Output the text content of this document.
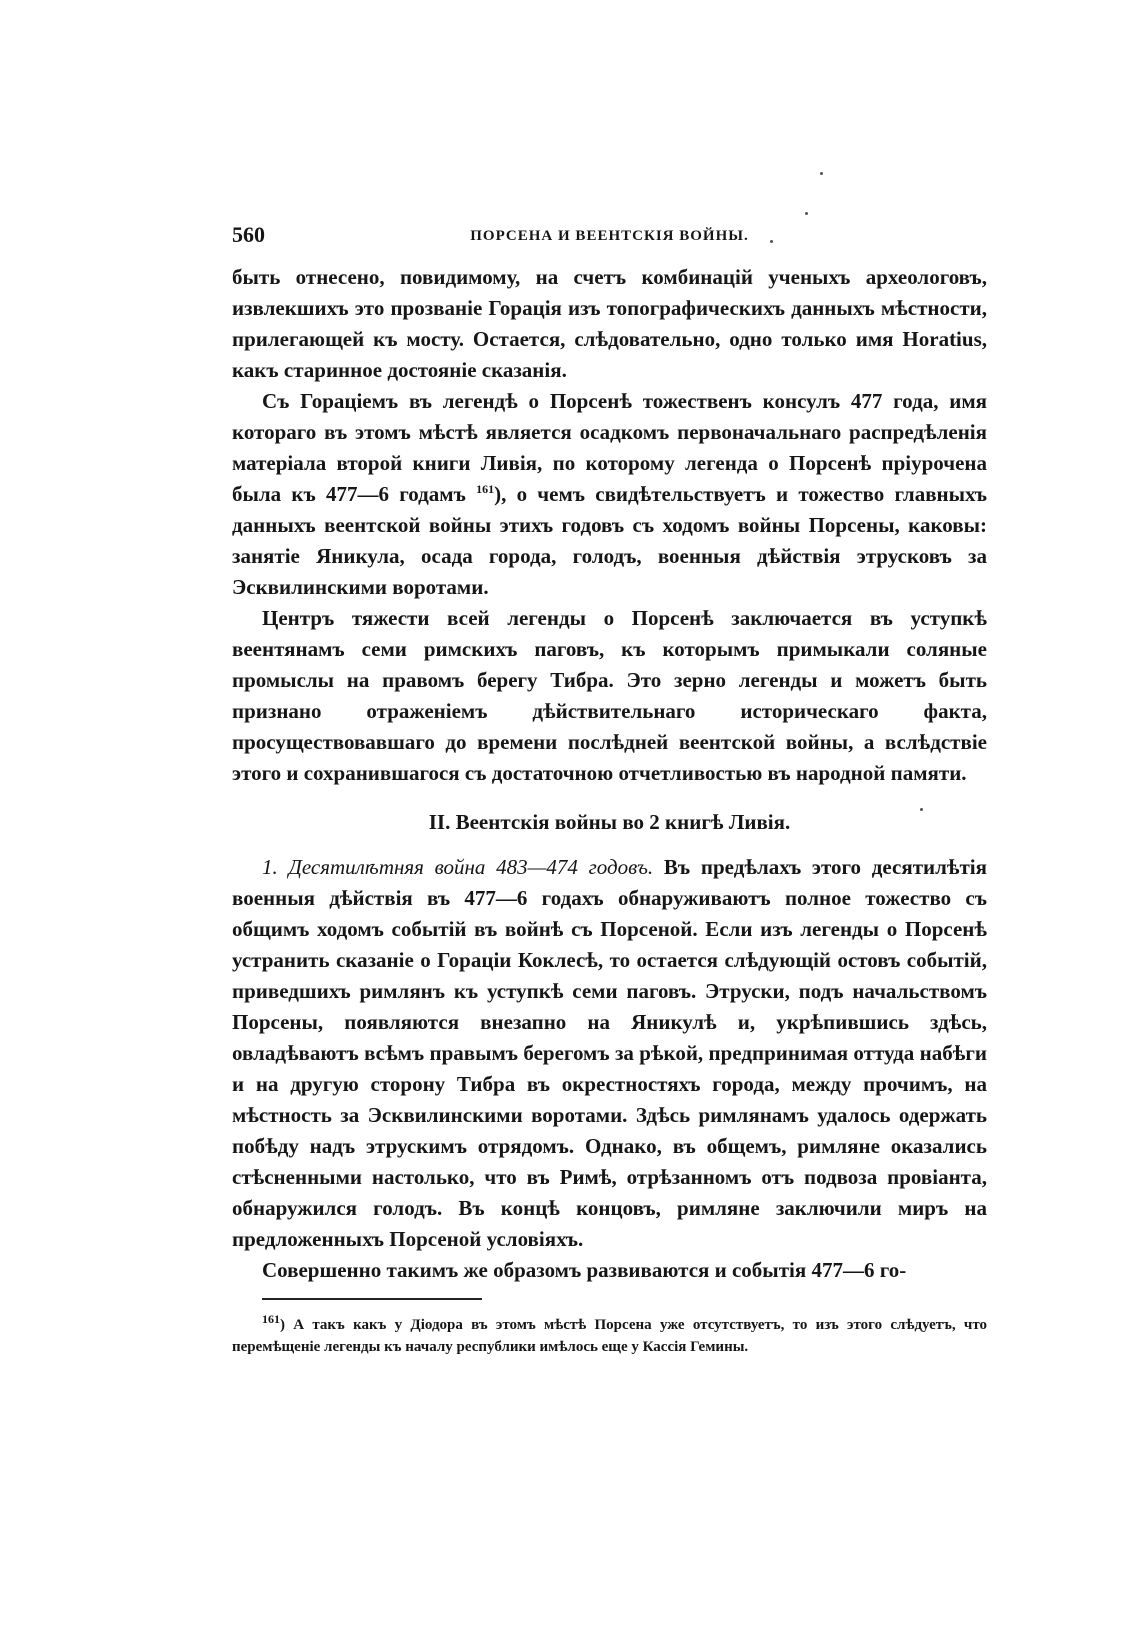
560	ПОРСЕНА И ВЕЕНТСКІЯ ВОЙНЫ.

быть отнесено, повидимому, на счетъ комбинацій ученыхъ археологовъ, извлекшихъ это прозваніе Горація изъ топографическихъ данныхъ мѣстности, прилегающей къ мосту. Остается, слѣдовательно, одно только имя Horatius, какъ старинное достояніе сказанія.

Съ Гораціемъ въ легендѣ о Порсенѣ тожественъ консулъ 477 года, имя котораго въ этомъ мѣстѣ является осадкомъ первоначальнаго распредѣленія матеріала второй книги Ливія, по которому легенда о Порсенѣ пріурочена была къ 477—6 годамъ $^{161}$), о чемъ свидѣтельствуетъ и тожество главныхъ данныхъ веентской войны этихъ годовъ съ ходомъ войны Порсены, каковы: занятіе Яникула, осада города, голодъ, военныя дѣйствія этрусковъ за Эсквилинскими воротами.

Центръ тяжести всей легенды о Порсенѣ заключается въ уступкѣ веентянамъ семи римскихъ паговъ, къ которымъ примыкали соляные промыслы на правомъ берегу Тибра. Это зерно легенды и можетъ быть признано отраженіемъ дѣйствительнаго историческаго факта, просуществовавшаго до времени послѣдней веентской войны, а вслѣдствіе этого и сохранившагося съ достаточною отчетливостью въ народной памяти.

II. Веентскія войны во 2 книгѣ Ливія.

1. Десятилѣтняя война 483—474 годовъ. Въ предѣлахъ этого десятилѣтія военныя дѣйствія въ 477—6 годахъ обнаруживаютъ полное тожество съ общимъ ходомъ событій въ войнѣ съ Порсеной. Если изъ легенды о Порсенѣ устранить сказаніе о Гораціи Коклесѣ, то остается слѣдующій остовъ событій, приведшихъ римлянъ къ уступкѣ семи паговъ. Этруски, подъ начальствомъ Порсены, появляются внезапно на Яникулѣ и, укрѣпившись здѣсь, овладѣваютъ всѣмъ правымъ берегомъ за рѣкой, предпринимая оттуда набѣги и на другую сторону Тибра въ окрестностяхъ города, между прочимъ, на мѣстность за Эсквилинскими воротами. Здѣсь римлянамъ удалось одержать побѣду надъ этрускимъ отрядомъ. Однако, въ общемъ, римляне оказались стѣсненными настолько, что въ Римѣ, отрѣзанномъ отъ подвоза провіанта, обнаружился голодъ. Въ концѣ концовъ, римляне заключили миръ на предложенныхъ Порсеной условіяхъ.

Совершенно такимъ же образомъ развиваются и событія 477—6 го-

$^{161}$) А такъ какъ у Діодора въ этомъ мѣстѣ Порсена уже отсутствуетъ, то изъ этого слѣдуетъ, что перемѣщеніе легенды къ началу республики имѣлось еще у Кассія Гемины.
